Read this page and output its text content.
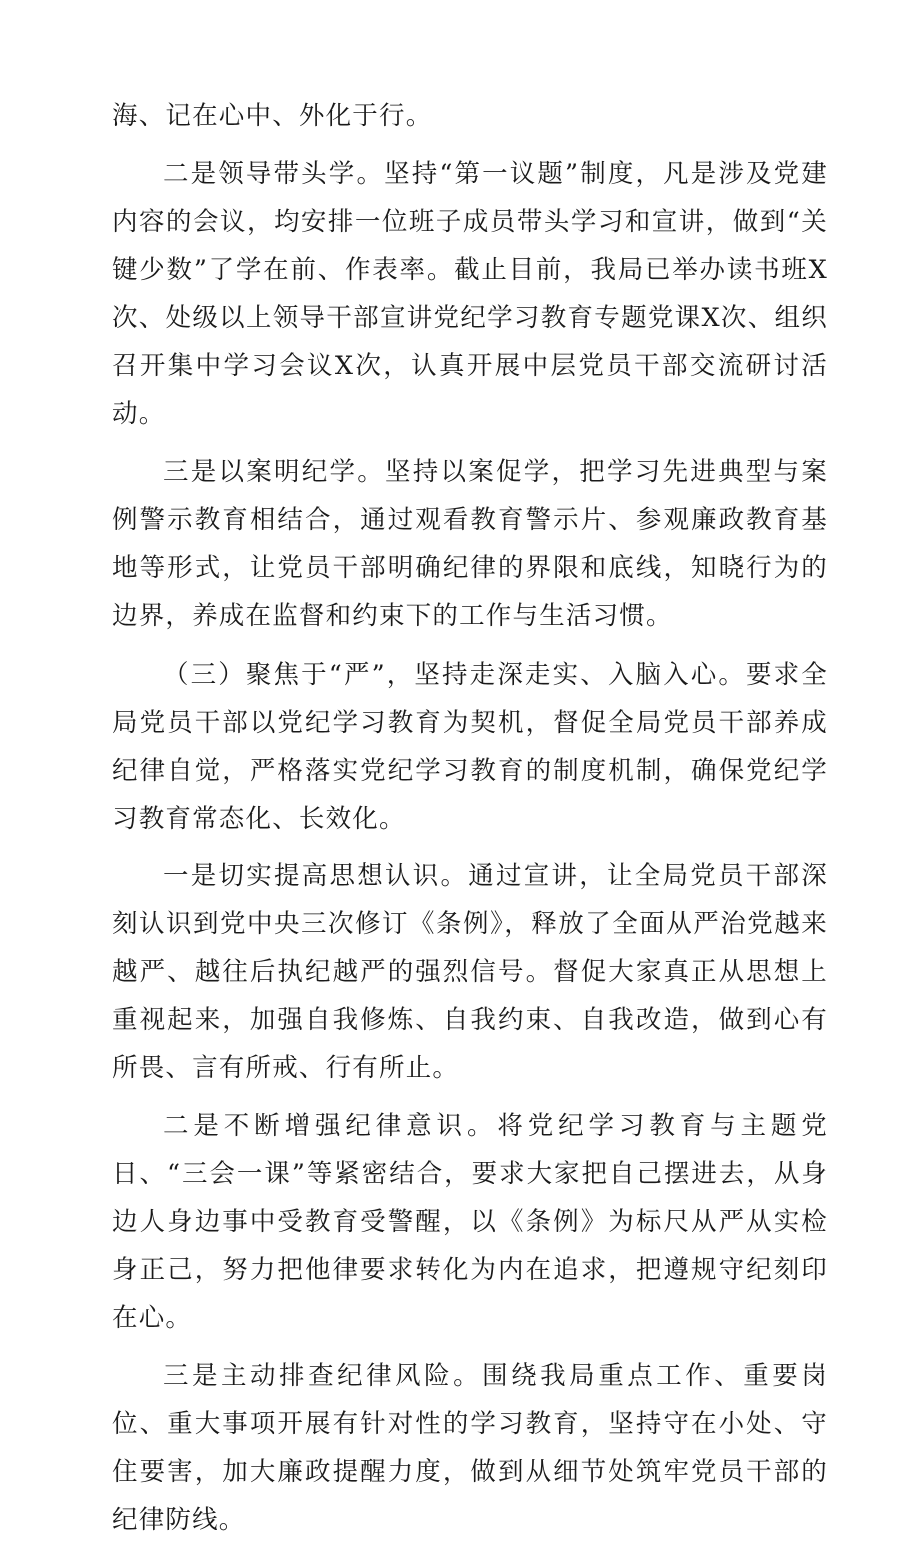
海、记在心中、外化于行。

二是领导带头学。坚持“第一议题”制度，凡是涉及党建内容的会议，均安排一位班子成员带头学习和宣讲，做到“关键少数”了学在前、作表率。截止目前，我局已举办读书班X次、处级以上领导干部宣讲党纪学习教育专题党课X次、组织召开集中学习会议X次，认真开展中层党员干部交流研讨活动。

三是以案明纪学。坚持以案促学，把学习先进典型与案例警示教育相结合，通过观看教育警示片、参观廉政教育基地等形式，让党员干部明确纪律的界限和底线，知晓行为的边界，养成在监督和约束下的工作与生活习惯。

（三）聚焦于“严”，坚持走深走实、入脑入心。要求全局党员干部以党纪学习教育为契机，督促全局党员干部养成纪律自觉，严格落实党纪学习教育的制度机制，确保党纪学习教育常态化、长效化。

一是切实提高思想认识。通过宣讲，让全局党员干部深刻认识到党中央三次修订《条例》，释放了全面从严治党越来越严、越往后执纪越严的强烈信号。督促大家真正从思想上重视起来，加强自我修炼、自我约束、自我改造，做到心有所畏、言有所戒、行有所止。

二是不断增强纪律意识。将党纪学习教育与主题党日、“三会一课”等紧密结合，要求大家把自己摆进去，从身边人身边事中受教育受警醒，以《条例》为标尺从严从实检身正己，努力把他律要求转化为内在追求，把遵规守纪刻印在心。

三是主动排查纪律风险。围绕我局重点工作、重要岗位、重大事项开展有针对性的学习教育，坚持守在小处、守住要害，加大廉政提醒力度，做到从细节处筑牢党员干部的纪律防线。
